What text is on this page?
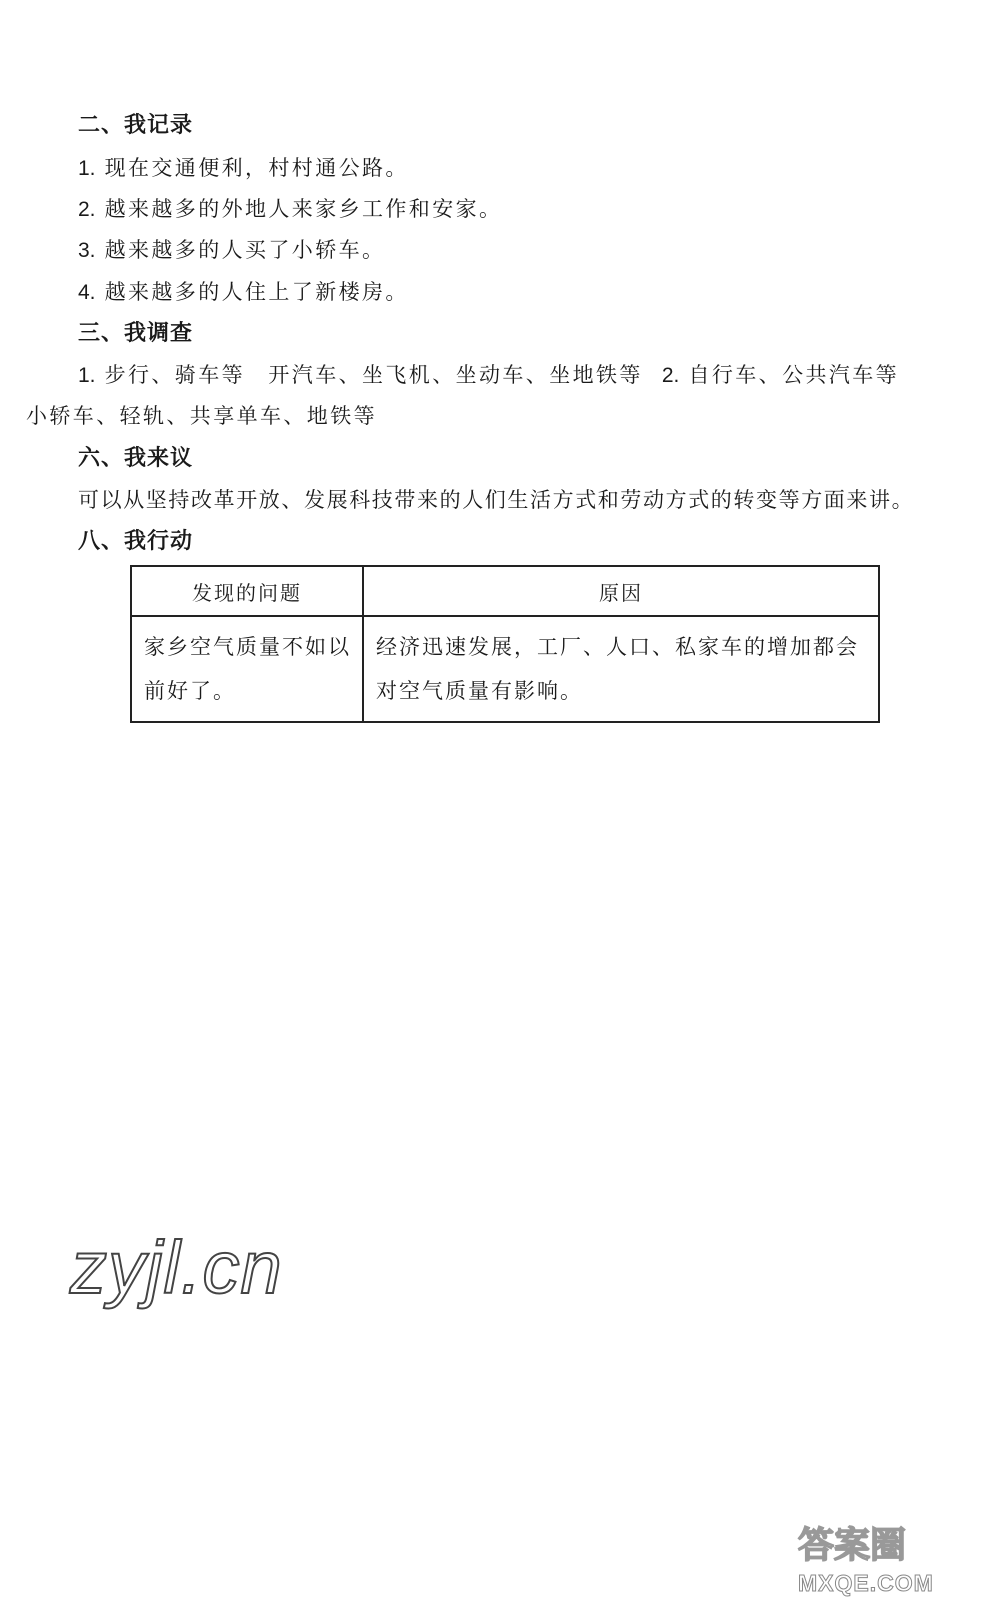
二、我记录
1. 现在交通便利，村村通公路。
2. 越来越多的外地人来家乡工作和安家。
3. 越来越多的人买了小轿车。
4. 越来越多的人住上了新楼房。
三、我调查
1. 步行、骑车等　开汽车、坐飞机、坐动车、坐地铁等 2. 自行车、公共汽车等
小轿车、轻轨、共享单车、地铁等
六、我来议
可以从坚持改革开放、发展科技带来的人们生活方式和劳动方式的转变等方面来讲。
八、我行动
发现的问题	原因
家乡空气质量不如以前好了。	经济迅速发展，工厂、人口、私家车的增加都会对空气质量有影响。
zyjl.cn
答案圈
MXQE.COM
